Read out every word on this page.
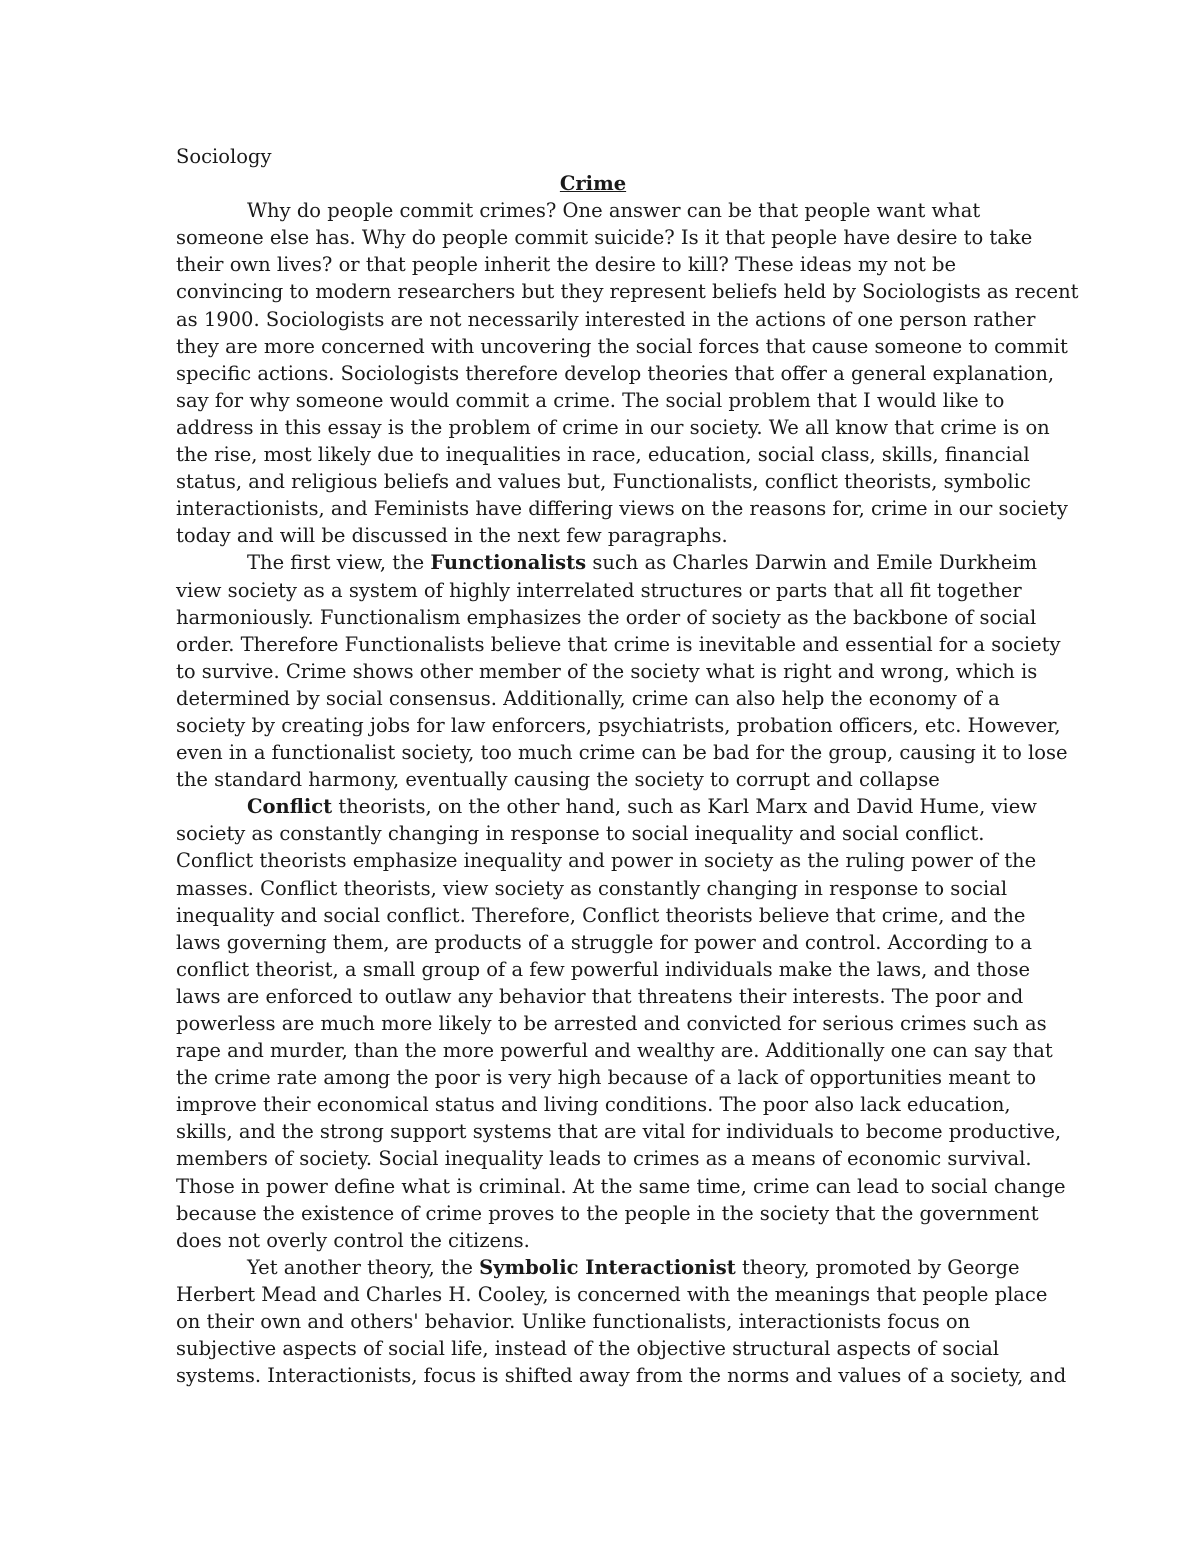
Sociology
Crime
Why do people commit crimes? One answer can be that people want what
someone else has. Why do people commit suicide? Is it that people have desire to take
their own lives? or that people inherit the desire to kill? These ideas my not be
convincing to modern researchers but they represent beliefs held by Sociologists as recent
as 1900. Sociologists are not necessarily interested in the actions of one person rather
they are more concerned with uncovering the social forces that cause someone to commit
specific actions. Sociologists therefore develop theories that offer a general explanation,
say for why someone would commit a crime. The social problem that I would like to
address in this essay is the problem of crime in our society. We all know that crime is on
the rise, most likely due to inequalities in race, education, social class, skills, financial
status, and religious beliefs and values but, Functionalists, conflict theorists, symbolic
interactionists, and Feminists have differing views on the reasons for, crime in our society
today and will be discussed in the next few paragraphs.
The first view, the Functionalists such as Charles Darwin and Emile Durkheim
view society as a system of highly interrelated structures or parts that all fit together
harmoniously. Functionalism emphasizes the order of society as the backbone of social
order. Therefore Functionalists believe that crime is inevitable and essential for a society
to survive. Crime shows other member of the society what is right and wrong, which is
determined by social consensus. Additionally, crime can also help the economy of a
society by creating jobs for law enforcers, psychiatrists, probation officers, etc. However,
even in a functionalist society, too much crime can be bad for the group, causing it to lose
the standard harmony, eventually causing the society to corrupt and collapse
Conflict theorists, on the other hand, such as Karl Marx and David Hume, view
society as constantly changing in response to social inequality and social conflict.
Conflict theorists emphasize inequality and power in society as the ruling power of the
masses. Conflict theorists, view society as constantly changing in response to social
inequality and social conflict. Therefore, Conflict theorists believe that crime, and the
laws governing them, are products of a struggle for power and control. According to a
conflict theorist, a small group of a few powerful individuals make the laws, and those
laws are enforced to outlaw any behavior that threatens their interests. The poor and
powerless are much more likely to be arrested and convicted for serious crimes such as
rape and murder, than the more powerful and wealthy are. Additionally one can say that
the crime rate among the poor is very high because of a lack of opportunities meant to
improve their economical status and living conditions. The poor also lack education,
skills, and the strong support systems that are vital for individuals to become productive,
members of society. Social inequality leads to crimes as a means of economic survival.
Those in power define what is criminal. At the same time, crime can lead to social change
because the existence of crime proves to the people in the society that the government
does not overly control the citizens.
Yet another theory, the Symbolic Interactionist theory, promoted by George
Herbert Mead and Charles H. Cooley, is concerned with the meanings that people place
on their own and others' behavior. Unlike functionalists, interactionists focus on
subjective aspects of social life, instead of the objective structural aspects of social
systems. Interactionists, focus is shifted away from the norms and values of a society, and
